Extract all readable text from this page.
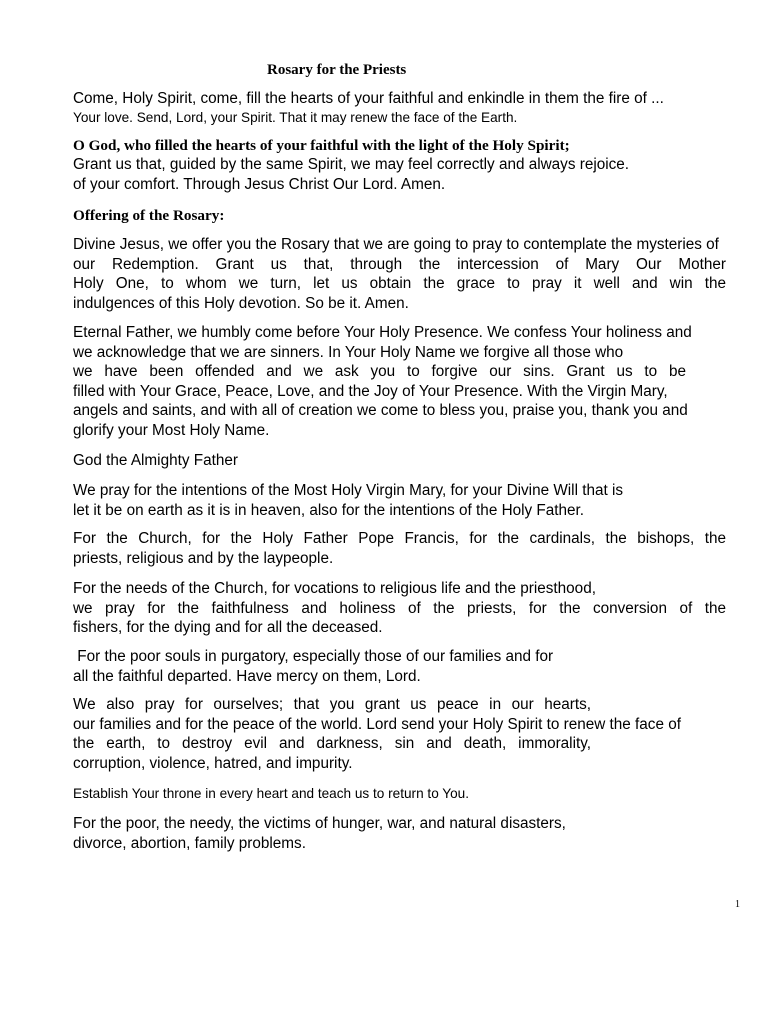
Rosary for the Priests
Come, Holy Spirit, come, fill the hearts of your faithful and enkindle in them the fire of ...
Your love. Send, Lord, your Spirit. That it may renew the face of the Earth.
O God, who filled the hearts of your faithful with the light of the Holy Spirit;
Grant us that, guided by the same Spirit, we may feel correctly and always rejoice.
of your comfort. Through Jesus Christ Our Lord. Amen.
Offering of the Rosary:
Divine Jesus, we offer you the Rosary that we are going to pray to contemplate the mysteries of
our Redemption. Grant us that, through the intercession of Mary Our Mother
Holy One, to whom we turn, let us obtain the grace to pray it well and win the
indulgences of this Holy devotion. So be it. Amen.
Eternal Father, we humbly come before Your Holy Presence. We confess Your holiness and
we acknowledge that we are sinners. In Your Holy Name we forgive all those who
we have been offended and we ask you to forgive our sins. Grant us to be
filled with Your Grace, Peace, Love, and the Joy of Your Presence. With the Virgin Mary,
angels and saints, and with all of creation we come to bless you, praise you, thank you and
glorify your Most Holy Name.
God the Almighty Father
We pray for the intentions of the Most Holy Virgin Mary, for your Divine Will that is
let it be on earth as it is in heaven, also for the intentions of the Holy Father.
For the Church, for the Holy Father Pope Francis, for the cardinals, the bishops, the
priests, religious and by the laypeople.
For the needs of the Church, for vocations to religious life and the priesthood,
we pray for the faithfulness and holiness of the priests, for the conversion of the
fishers, for the dying and for all the deceased.
For the poor souls in purgatory, especially those of our families and for
all the faithful departed. Have mercy on them, Lord.
We also pray for ourselves; that you grant us peace in our hearts,
our families and for the peace of the world. Lord send your Holy Spirit to renew the face of
the earth, to destroy evil and darkness, sin and death, immorality,
corruption, violence, hatred, and impurity.
Establish Your throne in every heart and teach us to return to You.
For the poor, the needy, the victims of hunger, war, and natural disasters,
divorce, abortion, family problems.
1
